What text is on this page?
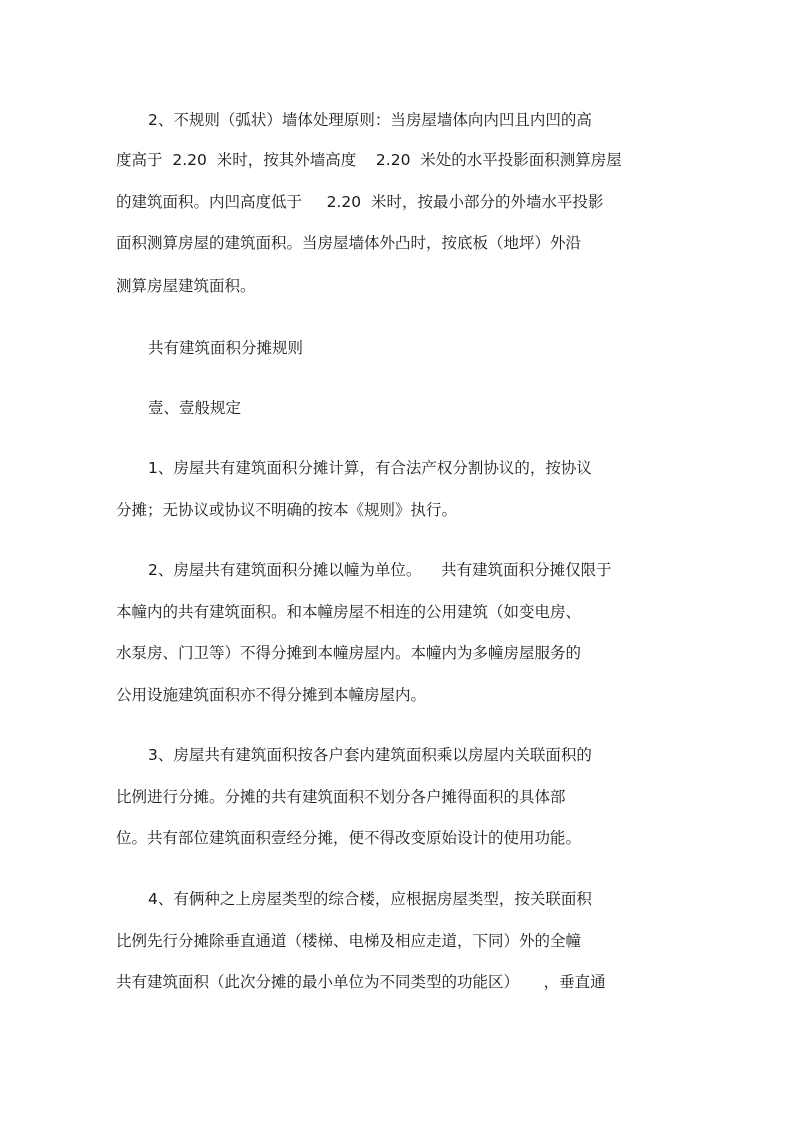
2、不规则（弧状）墙体处理原则：当房屋墙体向内凹且内凹的高
度高于  2.20  米时，按其外墙高度    2.20  米处的水平投影面积测算房屋
的建筑面积。内凹高度低于     2.20  米时，按最小部分的外墙水平投影
面积测算房屋的建筑面积。当房屋墙体外凸时，按底板（地坪）外沿
测算房屋建筑面积。
共有建筑面积分摊规则
壹、壹般规定
1、房屋共有建筑面积分摊计算，有合法产权分割协议的，按协议
分摊；无协议或协议不明确的按本《规则》执行。
2、房屋共有建筑面积分摊以幢为单位。    共有建筑面积分摊仅限于
本幢内的共有建筑面积。和本幢房屋不相连的公用建筑（如变电房、
水泵房、门卫等）不得分摊到本幢房屋内。本幢内为多幢房屋服务的
公用设施建筑面积亦不得分摊到本幢房屋内。
3、房屋共有建筑面积按各户套内建筑面积乘以房屋内关联面积的
比例进行分摊。分摊的共有建筑面积不划分各户摊得面积的具体部
位。共有部位建筑面积壹经分摊，便不得改变原始设计的使用功能。
4、有俩种之上房屋类型的综合楼，应根据房屋类型，按关联面积
比例先行分摊除垂直通道（楼梯、电梯及相应走道，下同）外的全幢
共有建筑面积（此次分摊的最小单位为不同类型的功能区）     ，垂直通
